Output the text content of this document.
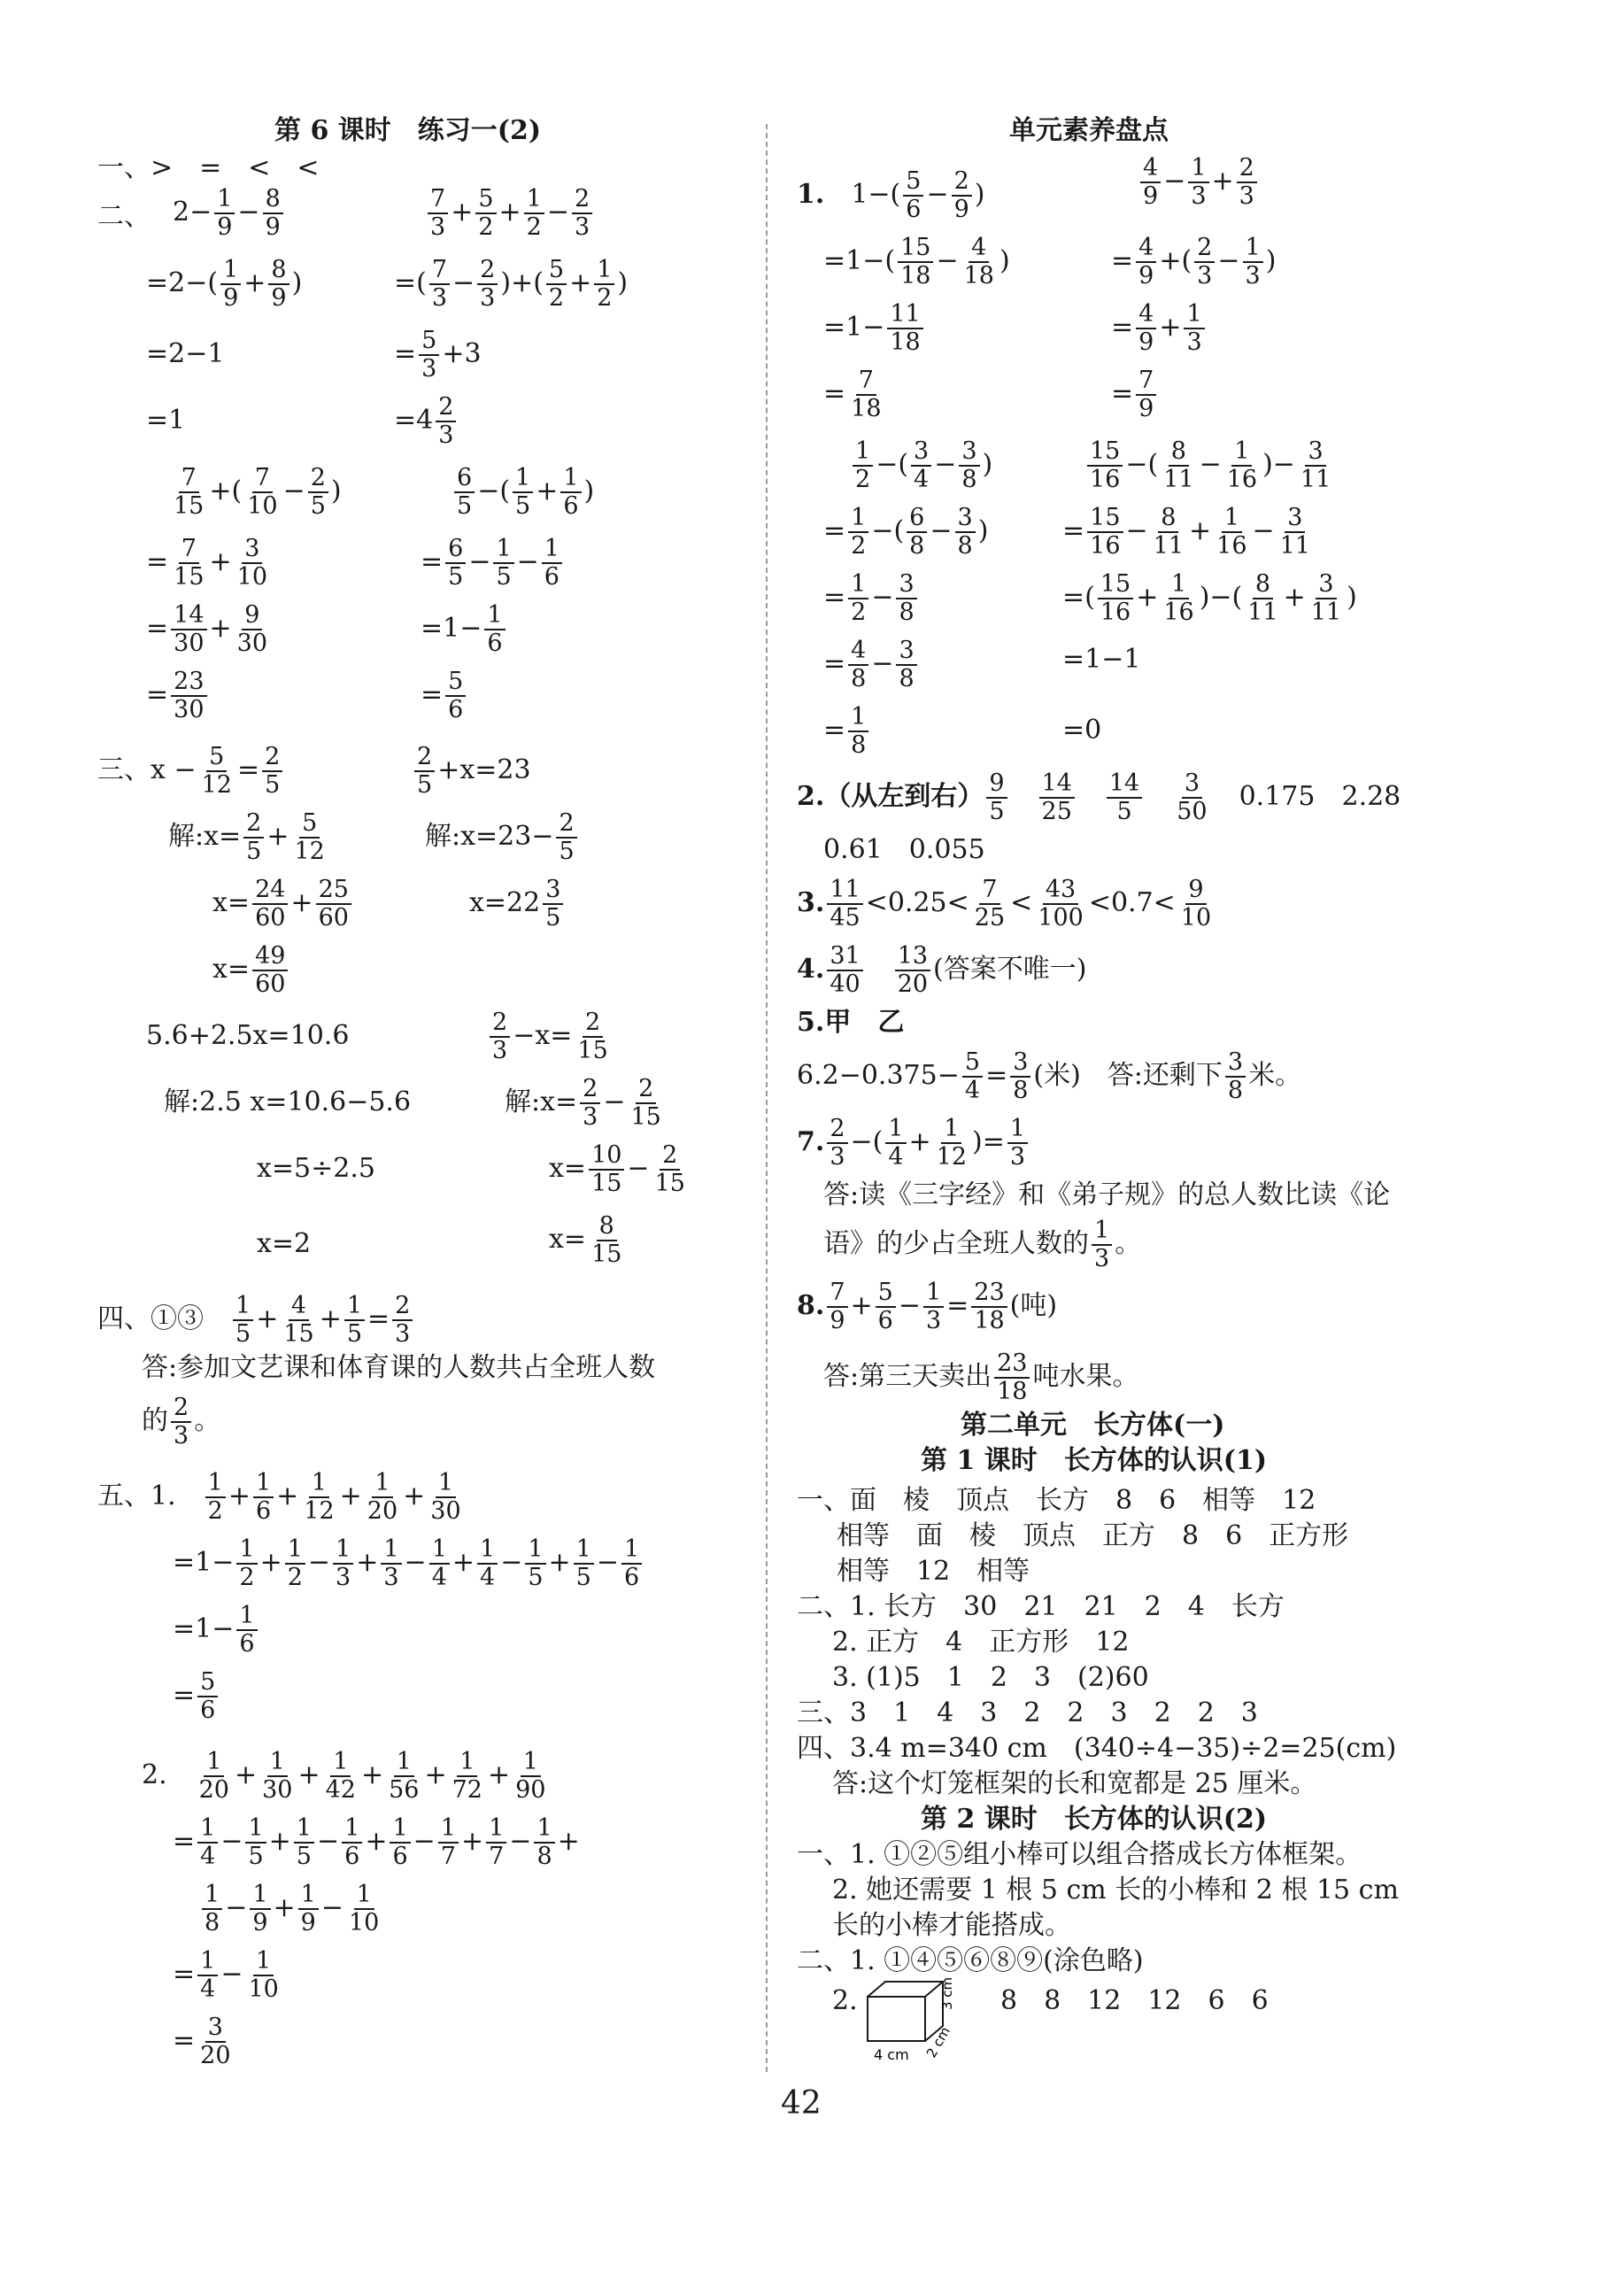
第 6 课时　练习一(2)
一、>　=　<　<
二、 $2- \frac{1}{9} - \frac{8}{9}$	$\frac{7}{3} + \frac{5}{2} + \frac{1}{2} - \frac{2}{3}$
$=2-( \frac{1}{9} + \frac{8}{9}$ )	=( $\frac{7}{3} - \frac{2}{3}$ )+( $\frac{5}{2} + \frac{1}{2}$ )
=2−1	= $\frac{5}{3} +3$
=1	$=4 \frac{2}{3}$
$\frac{7}{15}$ +( $\frac{7}{10} - \frac{2}{5}$ )	$\frac{6}{5}$ −( $\frac{1}{5} + \frac{1}{6}$ )
= $\frac{7}{15} + \frac{3}{10}$	= $\frac{6}{5} - \frac{1}{5} - \frac{1}{6}$
= $\frac{14}{30} + \frac{9}{30}$	$=1- \frac{1}{6}$
= $\frac{23}{30}$	= $\frac{5}{6}$
三、$x - \frac{5}{12} = \frac{2}{5}$	$\frac{2}{5} +x=23$
解:x= $\frac{2}{5} + \frac{5}{12}$	解:x=23− $\frac{2}{5}$
$x= \frac{24}{60} + \frac{25}{60}$	$x=22 \frac{3}{5}$
$x= \frac{49}{60}$
5.6+2.5x=10.6	$\frac{2}{3} -x= \frac{2}{15}$
解:2.5 x=10.6−5.6	解:x= $\frac{2}{3} - \frac{2}{15}$
x=5÷2.5	$x= \frac{10}{15} - \frac{2}{15}$
x=2	$x= \frac{8}{15}$
四、①③　 $\frac{1}{5} + \frac{4}{15} + \frac{1}{5} = \frac{2}{3}$
答:参加文艺课和体育课的人数共占全班人数
的 $\frac{2}{3}$ 。
五、1.　 $\frac{1}{2} + \frac{1}{6} + \frac{1}{12} + \frac{1}{20} + \frac{1}{30}$
$=1- \frac{1}{2} + \frac{1}{2} - \frac{1}{3} + \frac{1}{3} - \frac{1}{4} + \frac{1}{4} - \frac{1}{5} + \frac{1}{5} - \frac{1}{6}$
$=1- \frac{1}{6}$
= $\frac{5}{6}$
2.　 $\frac{1}{20} + \frac{1}{30} + \frac{1}{42} + \frac{1}{56} + \frac{1}{72} + \frac{1}{90}$
= $\frac{1}{4} - \frac{1}{5} + \frac{1}{5} - \frac{1}{6} + \frac{1}{6} - \frac{1}{7} + \frac{1}{7} - \frac{1}{8}$ +
$\frac{1}{8} - \frac{1}{9} + \frac{1}{9} - \frac{1}{10}$
= $\frac{1}{4} - \frac{1}{10}$
= $\frac{3}{20}$
单元素养盘点
1.　$1-( \frac{5}{6} - \frac{2}{9}$ )	$\frac{4}{9} - \frac{1}{3} + \frac{2}{3}$
$=1-( \frac{15}{18} - \frac{4}{18}$ )	= $\frac{4}{9}$ +( $\frac{2}{3} - \frac{1}{3}$ )
$=1- \frac{11}{18}$	= $\frac{4}{9} + \frac{1}{3}$
= $\frac{7}{18}$	= $\frac{7}{9}$
$\frac{1}{2}$ −( $\frac{3}{4} - \frac{3}{8}$ )	$\frac{15}{16}$ −( $\frac{8}{11} - \frac{1}{16}$ )− $\frac{3}{11}$
= $\frac{1}{2}$ −( $\frac{6}{8} - \frac{3}{8}$ )	= $\frac{15}{16} - \frac{8}{11} + \frac{1}{16} - \frac{3}{11}$
= $\frac{1}{2} - \frac{3}{8}$	=( $\frac{15}{16} + \frac{1}{16}$ )−( $\frac{8}{11} + \frac{3}{11}$ )
= $\frac{4}{8} - \frac{3}{8}$	=1−1
= $\frac{1}{8}$	=0
2.（从左到右） $\frac{9}{5}$
　 $\frac{14}{25}$
　 $\frac{14}{5}$
　 $\frac{3}{50}$
　 0.175　2.28
0.61　0.055
3. $\frac{11}{45} <0.25< \frac{7}{25} < \frac{43}{100} <0.7< \frac{9}{10}$
4. $\frac{31}{40}$
　 $\frac{13}{20}$ (答案不唯一)
5.甲　乙
$6.2-0.375- \frac{5}{4} = \frac{3}{8}$ (米)　答:还剩下 $\frac{3}{8}$ 米。
7. $\frac{2}{3}$ −( $\frac{1}{4} + \frac{1}{12}$ )= $\frac{1}{3}$
答:读《三字经》和《弟子规》的总人数比读《论
语》的少占全班人数的 $\frac{1}{3}$ 。
8. $\frac{7}{9} + \frac{5}{6} - \frac{1}{3} = \frac{23}{18}$ (吨)
答:第三天卖出 $\frac{23}{18}$ 吨水果。
第二单元　长方体(一)
第 1 课时　长方体的认识(1)
一、面　棱　顶点　长方　8　6　相等　12
相等　面　棱　顶点　正方　8　6　正方形
相等　12　相等
二、1. 长方　30　21　21　2　4　长方
2. 正方　4　正方形　12
3. (1)5　1　2　3　(2)60
三、3　1　4　3　2　2　3　2　2　3
四、3.4 m=340 cm　(340÷4−35)÷2=25(cm)
答:这个灯笼框架的长和宽都是 25 厘米。
第 2 课时　长方体的认识(2)
一、1. ①②⑤组小棒可以组合搭成长方体框架。
2. 她还需要 1 根 5 cm 长的小棒和 2 根 15 cm
长的小棒才能搭成。
二、1. ①④⑤⑥⑧⑨(涂色略)
2.
4 cm 2 cm
3 cm 8　8　12　12　6　6
42
